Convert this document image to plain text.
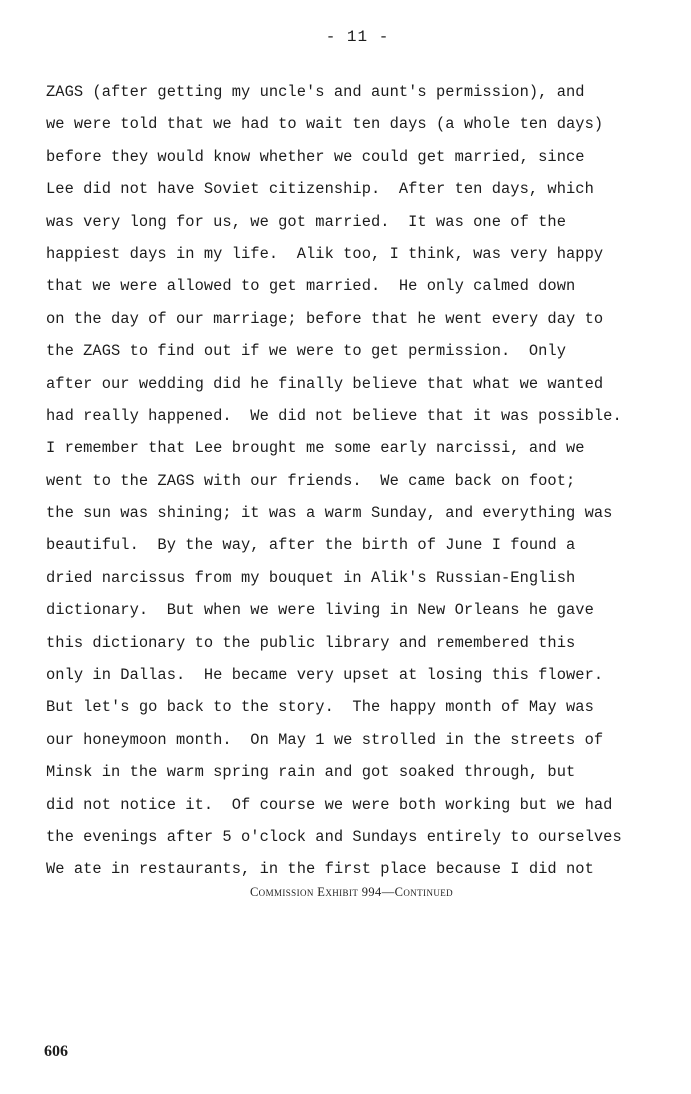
- 11 -
ZAGS (after getting my uncle's and aunt's permission), and
we were told that we had to wait ten days (a whole ten days)
before they would know whether we could get married, since
Lee did not have Soviet citizenship.  After ten days, which
was very long for us, we got married.  It was one of the
happiest days in my life.  Alik too, I think, was very happy
that we were allowed to get married.  He only calmed down
on the day of our marriage; before that he went every day to
the ZAGS to find out if we were to get permission.  Only
after our wedding did he finally believe that what we wanted
had really happened.  We did not believe that it was possible.
I remember that Lee brought me some early narcissi, and we
went to the ZAGS with our friends.  We came back on foot;
the sun was shining; it was a warm Sunday, and everything was
beautiful.  By the way, after the birth of June I found a
dried narcissus from my bouquet in Alik's Russian-English
dictionary.  But when we were living in New Orleans he gave
this dictionary to the public library and remembered this
only in Dallas.  He became very upset at losing this flower.
But let's go back to the story.  The happy month of May was
our honeymoon month.  On May 1 we strolled in the streets of
Minsk in the warm spring rain and got soaked through, but
did not notice it.  Of course we were both working but we had
the evenings after 5 o'clock and Sundays entirely to ourselves
We ate in restaurants, in the first place because I did not
Commission Exhibit 994—Continued
606
